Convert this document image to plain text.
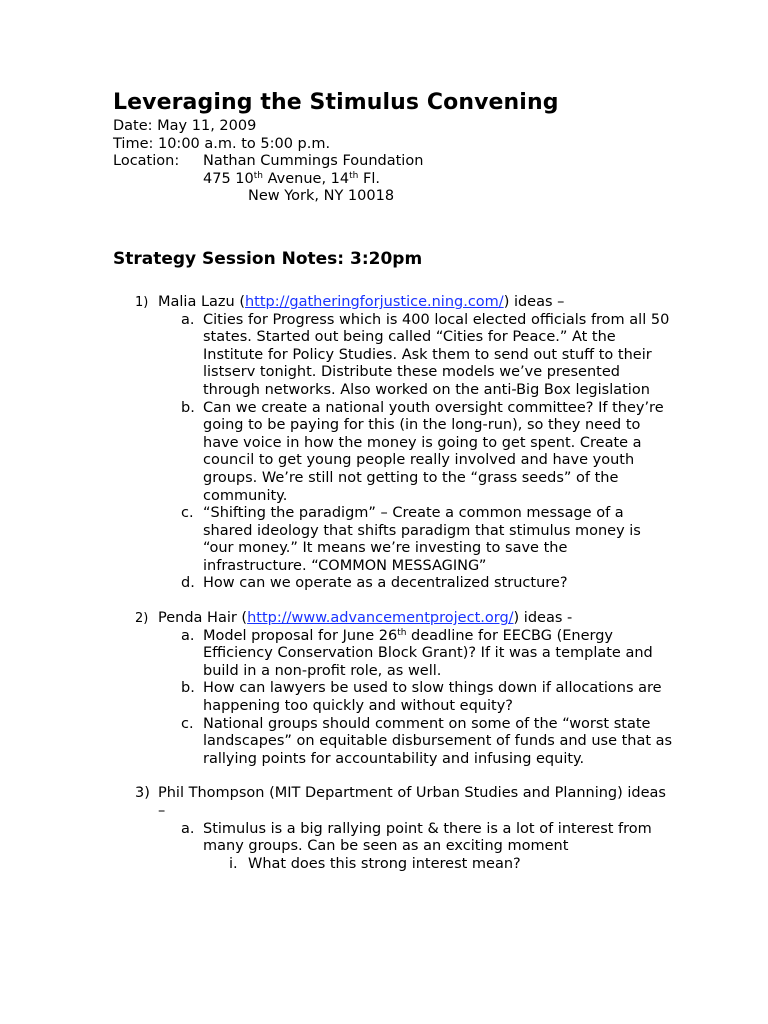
Leveraging the Stimulus Convening
Date: May 11, 2009
Time: 10:00 a.m. to 5:00 p.m.
Location: Nathan Cummings Foundation
475 10th Avenue, 14th Fl.
New York, NY 10018
Strategy Session Notes: 3:20pm
1) Malia Lazu (http://gatheringforjustice.ning.com/) ideas –
a. Cities for Progress which is 400 local elected officials from all 50 states. Started out being called “Cities for Peace.” At the Institute for Policy Studies. Ask them to send out stuff to their listserv tonight. Distribute these models we’ve presented through networks. Also worked on the anti-Big Box legislation
b. Can we create a national youth oversight committee? If they’re going to be paying for this (in the long-run), so they need to have voice in how the money is going to get spent. Create a council to get young people really involved and have youth groups. We’re still not getting to the “grass seeds” of the community.
c. “Shifting the paradigm” – Create a common message of a shared ideology that shifts paradigm that stimulus money is “our money.” It means we’re investing to save the infrastructure. “COMMON MESSAGING”
d. How can we operate as a decentralized structure?
2) Penda Hair (http://www.advancementproject.org/) ideas -
a. Model proposal for June 26th deadline for EECBG (Energy Efficiency Conservation Block Grant)? If it was a template and build in a non-profit role, as well.
b. How can lawyers be used to slow things down if allocations are happening too quickly and without equity?
c. National groups should comment on some of the “worst state landscapes” on equitable disbursement of funds and use that as rallying points for accountability and infusing equity.
3) Phil Thompson (MIT Department of Urban Studies and Planning) ideas –
a. Stimulus is a big rallying point & there is a lot of interest from many groups. Can be seen as an exciting moment
i. What does this strong interest mean?
